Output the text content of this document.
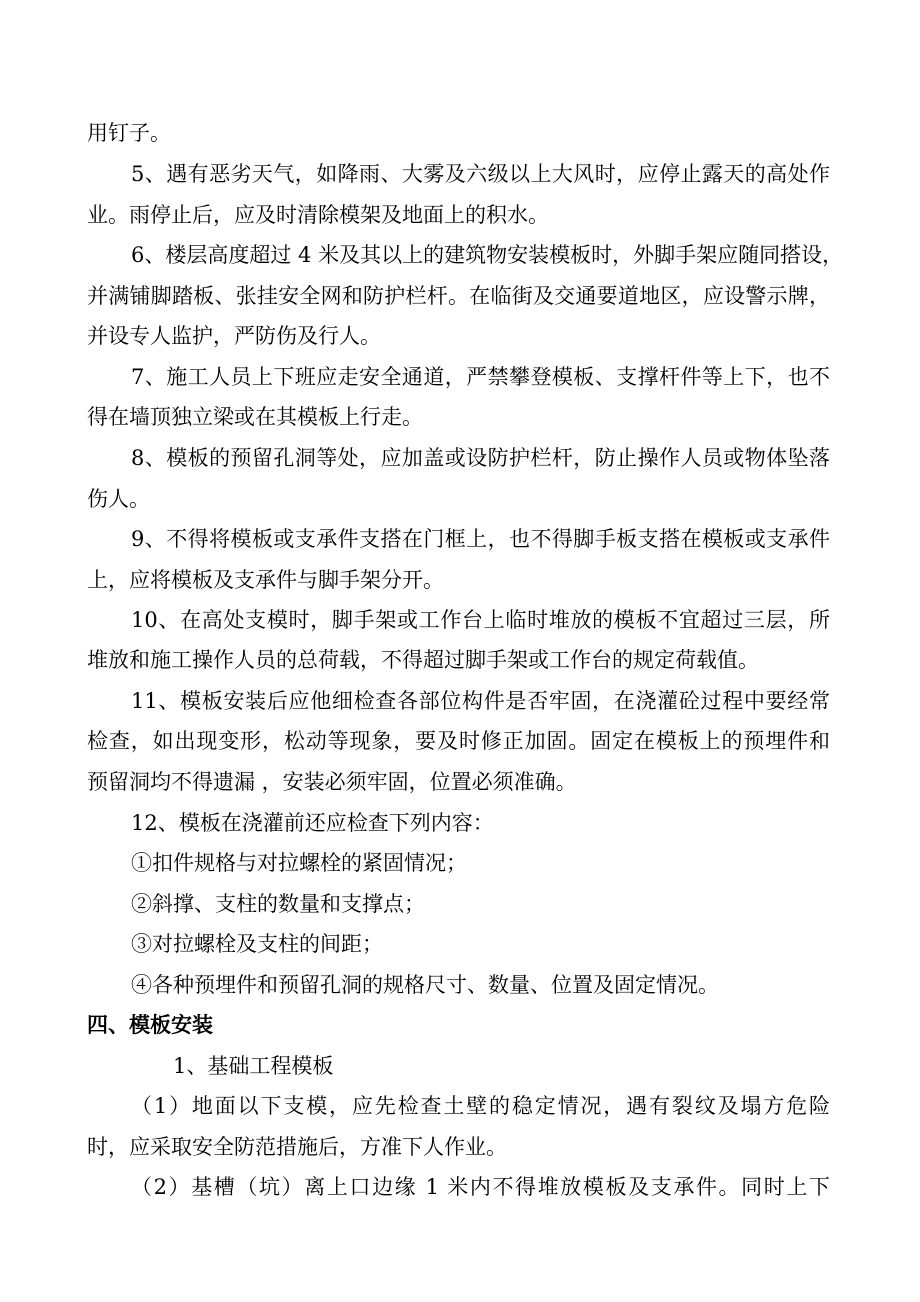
用钉子。
5、遇有恶劣天气，如降雨、大雾及六级以上大风时，应停止露天的高处作
业。雨停止后，应及时清除模架及地面上的积水。
6、楼层高度超过 4 米及其以上的建筑物安装模板时，外脚手架应随同搭设，
并满铺脚踏板、张挂安全网和防护栏杆。在临街及交通要道地区，应设警示牌，
并设专人监护，严防伤及行人。
7、施工人员上下班应走安全通道，严禁攀登模板、支撑杆件等上下，也不
得在墙顶独立梁或在其模板上行走。
8、模板的预留孔洞等处，应加盖或设防护栏杆，防止操作人员或物体坠落
伤人。
9、不得将模板或支承件支搭在门框上，也不得脚手板支搭在模板或支承件
上，应将模板及支承件与脚手架分开。
10、在高处支模时，脚手架或工作台上临时堆放的模板不宜超过三层，所
堆放和施工操作人员的总荷载，不得超过脚手架或工作台的规定荷载值。
11、模板安装后应他细检查各部位构件是否牢固，在浇灌砼过程中要经常
检查，如出现变形，松动等现象，要及时修正加固。固定在模板上的预埋件和
预留洞均不得遗漏 ，安装必须牢固，位置必须准确。
12、模板在浇灌前还应检查下列内容：
①扣件规格与对拉螺栓的紧固情况；
②斜撑、支柱的数量和支撑点；
③对拉螺栓及支柱的间距；
④各种预埋件和预留孔洞的规格尺寸、数量、位置及固定情况。
四、模板安装
1、基础工程模板
（1）地面以下支模，应先检查土壁的稳定情况，遇有裂纹及塌方危险
时，应采取安全防范措施后，方准下人作业。
（2）基槽（坑）离上口边缘 1 米内不得堆放模板及支承件。同时上下
